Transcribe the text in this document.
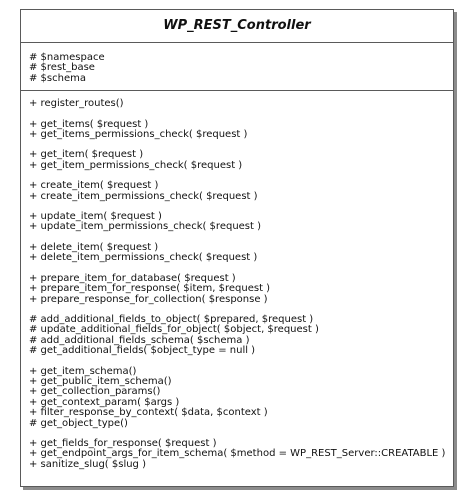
WP_REST_Controller
# $namespace
# $rest_base
# $schema
+ register_routes()
+ get_items( $request )
+ get_items_permissions_check( $request )
+ get_item( $request )
+ get_item_permissions_check( $request )
+ create_item( $request )
+ create_item_permissions_check( $request )
+ update_item( $request )
+ update_item_permissions_check( $request )
+ delete_item( $request )
+ delete_item_permissions_check( $request )
+ prepare_item_for_database( $request )
+ prepare_item_for_response( $item, $request )
+ prepare_response_for_collection( $response )
# add_additional_fields_to_object( $prepared, $request )
# update_additional_fields_for_object( $object, $request )
# add_additional_fields_schema( $schema )
# get_additional_fields( $object_type = null )
+ get_item_schema()
+ get_public_item_schema()
+ get_collection_params()
+ get_context_param( $args )
+ filter_response_by_context( $data, $context )
# get_object_type()
+ get_fields_for_response( $request )
+ get_endpoint_args_for_item_schema( $method = WP_REST_Server::CREATABLE )
+ sanitize_slug( $slug )
